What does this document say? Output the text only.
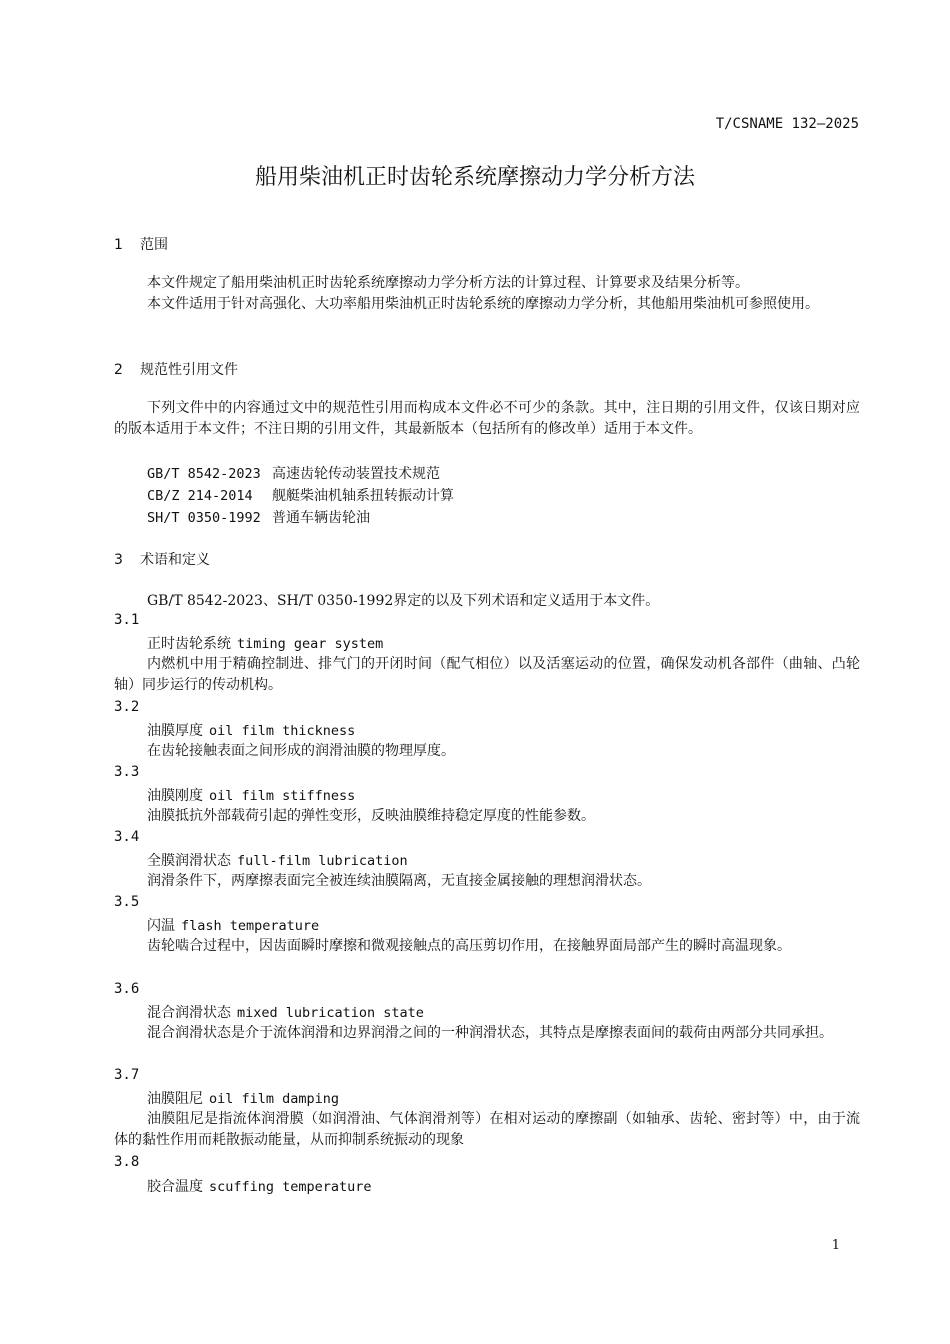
T/CSNAME 132—2025
船用柴油机正时齿轮系统摩擦动力学分析方法
1 范围
本文件规定了船用柴油机正时齿轮系统摩擦动力学分析方法的计算过程、计算要求及结果分析等。
本文件适用于针对高强化、大功率船用柴油机正时齿轮系统的摩擦动力学分析，其他船用柴油机可参照使用。
2 规范性引用文件
下列文件中的内容通过文中的规范性引用而构成本文件必不可少的条款。其中，注日期的引用文件，仅该日期对应的版本适用于本文件；不注日期的引用文件，其最新版本（包括所有的修改单）适用于本文件。
GB/T 8542-2023 高速齿轮传动装置技术规范
CB/Z 214-2014 舰艇柴油机轴系扭转振动计算
SH/T 0350-1992 普通车辆齿轮油
3 术语和定义
GB/T 8542-2023、SH/T 0350-1992界定的以及下列术语和定义适用于本文件。
3.1
正时齿轮系统 timing gear system
内燃机中用于精确控制进、排气门的开闭时间（配气相位）以及活塞运动的位置，确保发动机各部件（曲轴、凸轮轴）同步运行的传动机构。
3.2
油膜厚度 oil film thickness
在齿轮接触表面之间形成的润滑油膜的物理厚度。
3.3
油膜刚度 oil film stiffness
油膜抵抗外部载荷引起的弹性变形，反映油膜维持稳定厚度的性能参数。
3.4
全膜润滑状态 full-film lubrication
润滑条件下，两摩擦表面完全被连续油膜隔离，无直接金属接触的理想润滑状态。
3.5
闪温 flash temperature
齿轮啮合过程中，因齿面瞬时摩擦和微观接触点的高压剪切作用，在接触界面局部产生的瞬时高温现象。
3.6
混合润滑状态 mixed lubrication state
混合润滑状态是介于流体润滑和边界润滑之间的一种润滑状态，其特点是摩擦表面间的载荷由两部分共同承担。
3.7
油膜阻尼 oil film damping
油膜阻尼是指流体润滑膜（如润滑油、气体润滑剂等）在相对运动的摩擦副（如轴承、齿轮、密封等）中，由于流体的黏性作用而耗散振动能量，从而抑制系统振动的现象
3.8
胶合温度 scuffing temperature
1
